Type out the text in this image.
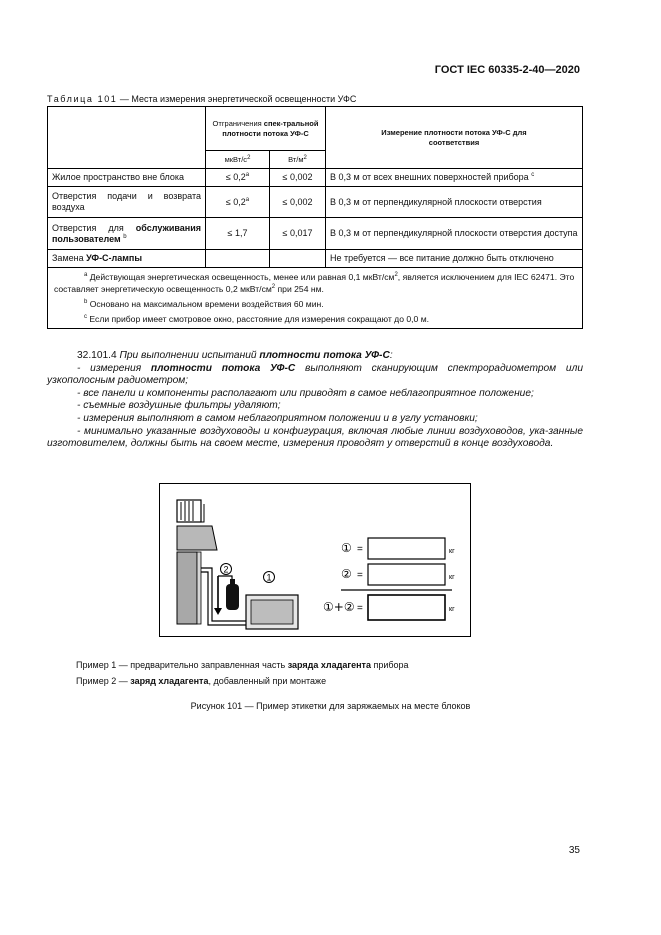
ГОСТ IEC 60335-2-40—2020
Таблица 101 — Места измерения энергетической освещенности УФС
	Отграничения спек-тральной плотности потока УФ-С		Измерение плотности потока УФ-С для соответствия
	мкВт/$с^2$	$Вт/м^2$
Жилое пространство вне блока	≤ 0,2$^a$	≤ 0,002	В 0,3 м от всех внешних поверхностей прибора $^c$
Отверстия подачи и возврата воздуха	≤ 0,2$^a$	≤ 0,002	В 0,3 м от перпендикулярной плоскости отверстия
Отверстия для обслуживания пользователем $^b$	≤ 1,7	≤ 0,017	В 0,3 м от перпендикулярной плоскости отверстия доступа
Замена УФ-С-лампы			Не требуется — все питание должно быть отключено

$^a$ Действующая энергетическая освещенность, менее или равная 0,1 мкВт/$см^2$, является исключением для IEC 62471. Это составляет энергетическую освещенность 0,2 мкВт/$см^2$ при 254 нм.

$^b$ Основано на максимальном времени воздействия 60 мин.

$^c$ Если прибор имеет смотровое окно, расстояние для измерения сокращают до 0,0 м.			

32.101.4 При выполнении испытаний плотности потока УФ-С:

- измерения плотности потока УФ-С выполняют сканирующим спектрорадиометром или узкополосным радиометром;

- все панели и компоненты располагают или приводят в самое неблагоприятное положение;

- съемные воздушные фильтры удаляют;

- измерения выполняют в самом неблагоприятном положении и в углу установки;

- минимально указанные воздуховоды и конфигурация, включая любые линии воздуховодов, ука-занные изготовителем, должны быть на своем месте, измерения проводят у отверстий в конце воздуховода.

2
1
① =	кг
② =	кг
①+② =	кг
Пример 1 — предварительно заправленная часть заряда хладагента прибора
Пример 2 — заряд хладагента, добавленный при монтаже
Рисунок 101 — Пример этикетки для заряжаемых на месте блоков
35
